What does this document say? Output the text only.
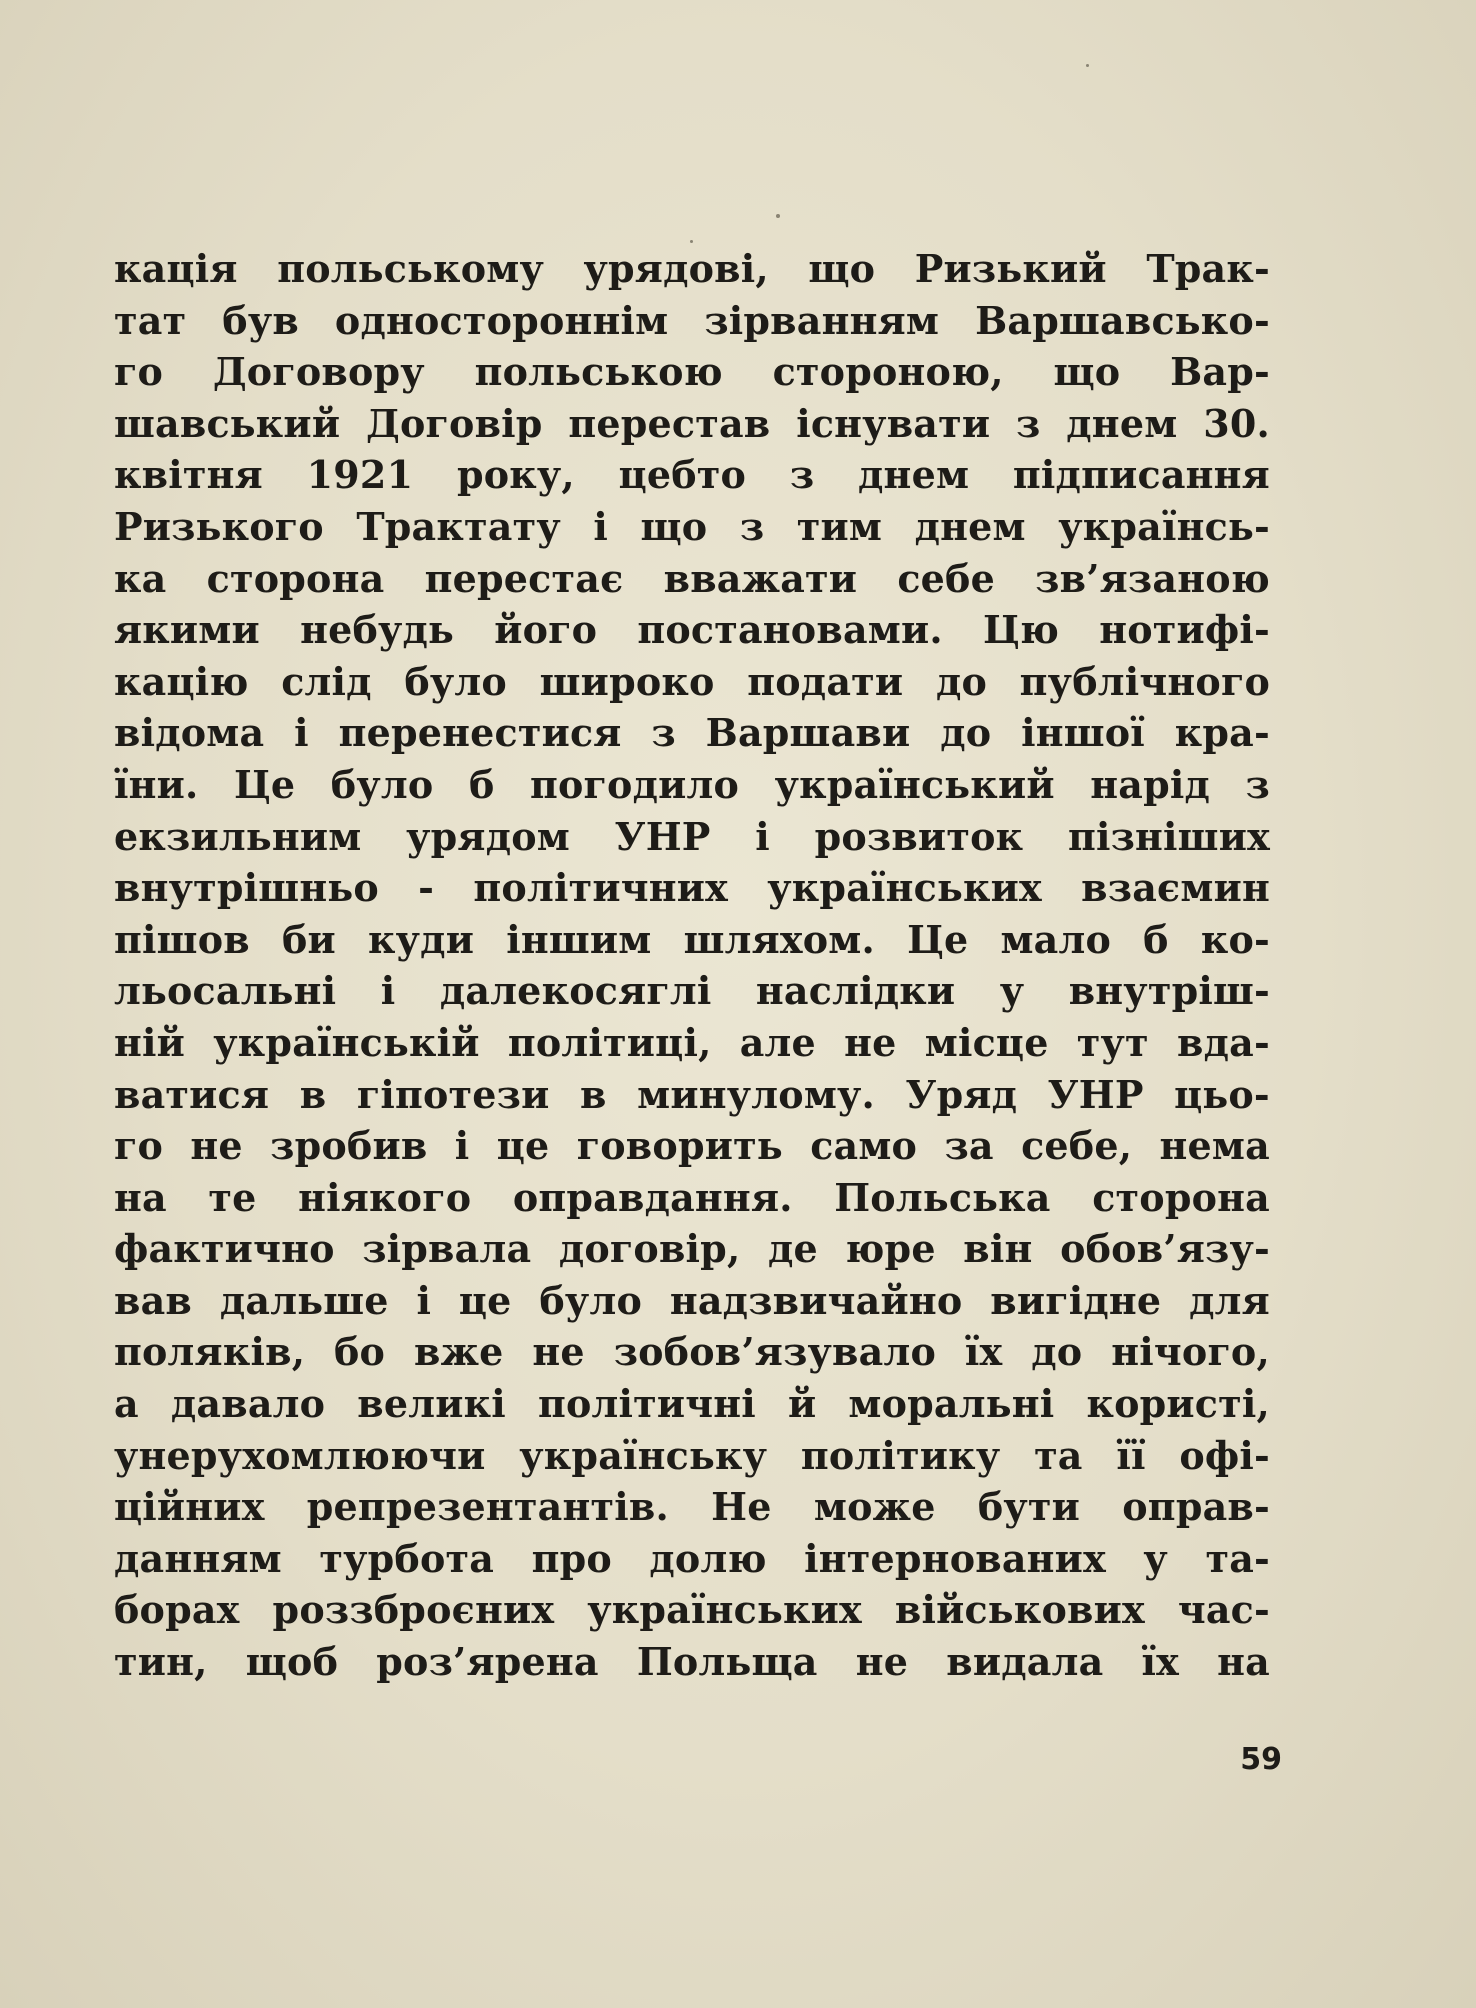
кація польському урядові, що Ризький Трак-
тат був одностороннім зірванням Варшавсько-
го Договору польською стороною, що Вар-
шавський Договір перестав існувати з днем 30.
квітня 1921 року, цебто з днем підписання
Ризького Трактату і що з тим днем українсь-
ка сторона перестає вважати себе зв’язаною
якими небудь його постановами. Цю нотифі-
кацію слід було широко подати до публічного
відома і перенестися з Варшави до іншої кра-
їни. Це було б погодило український нарід з
екзильним урядом УНР і розвиток пізніших
внутрішньо - політичних українських взаємин
пішов би куди іншим шляхом. Це мало б ко-
льосальні і далекосяглі наслідки у внутріш-
ній українській політиці, але не місце тут вда-
ватися в гіпотези в минулому. Уряд УНР цьо-
го не зробив і це говорить само за себе, нема
на те ніякого оправдання. Польська сторона
фактично зірвала договір, де юре він обов’язу-
вав дальше і це було надзвичайно вигідне для
поляків, бо вже не зобов’язувало їх до нічого,
а давало великі політичні й моральні користі,
унерухомлюючи українську політику та її офі-
ційних репрезентантів. Не може бути оправ-
данням турбота про долю інтернованих у та-
борах роззброєних українських військових час-
тин, щоб роз’ярена Польща не видала їх на
59
